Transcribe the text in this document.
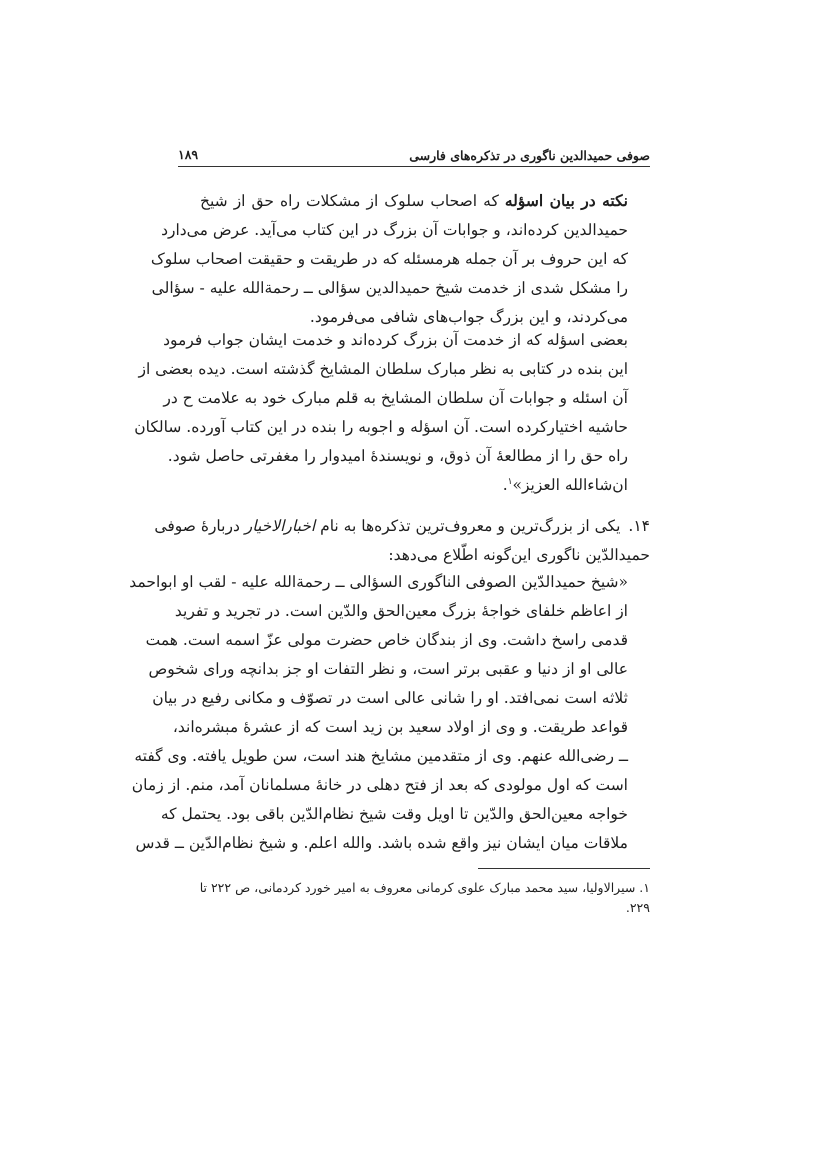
صوفی حمیدالدین ناگوری در تذکره‌های فارسی
۱۸۹
نکته در بیان اسؤله که اصحاب سلوک از مشکلات راه حق از شیخ
حمیدالدین کرده‌اند، و جوابات آن بزرگ در این کتاب می‌آید. عرض می‌دارد
که این حروف بر آن جمله هرمسئله که در طریقت و حقیقت اصحاب سلوک
را مشکل شدی از خدمت شیخ حمیدالدین سؤالی ــ رحمةالله علیه - سؤالی
می‌کردند، و این بزرگ جواب‌های شافی می‌فرمود.
بعضی اسؤله که از خدمت آن بزرگ کرده‌اند و خدمت ایشان جواب فرمود
این بنده در کتابی به نظر مبارک سلطان المشایخ گذشته است. دیده بعضی از
آن اسئله و جوابات آن سلطان المشایخ به قلم مبارک خود به علامت ح در
حاشیه اختیارکرده است. آن اسؤله و اجوبه را بنده در این کتاب آورده. سالکان
راه حق را از مطالعهٔ آن ذوق، و نویسندهٔ امیدوار را مغفرتی حاصل شود.
ان‌شاءالله العزیز»$^۱$.
۱۴.یکی از بزرگ‌ترین و معروف‌ترین تذکره‌ها به نام اخبارالاخیار دربارهٔ صوفی
حمیدالدّین ناگوری این‌گونه اطّلاع می‌دهد:
«شیخ حمیدالدّین الصوفی الناگوری السؤالی ــ رحمةالله علیه - لقب او ابواحمد
از اعاظم خلفای خواجهٔ بزرگ معین‌الحق والدّین است. در تجرید و تفرید
قدمی راسخ داشت. وی از بندگان خاص حضرت مولی عزّ اسمه است. همت
عالی او از دنیا و عقبی برتر است، و نظر التفات او جز بدانچه ورای شخوص
ثلاثه است نمی‌افتد. او را شانی عالی است در تصوّف و مکانی رفیع در بیان
قواعد طریقت. و وی از اولاد سعید بن زید است که از عشرهٔ مبشره‌اند،
ــ رضی‌الله عنهم. وی از متقدمین مشایخ هند است، سن طویل یافته. وی گفته
است که اول مولودی که بعد از فتح دهلی در خانهٔ مسلمانان آمد، منم. از زمان
خواجه معین‌الحق والدّین تا اویل وقت شیخ نظام‌الدّین باقی بود. یحتمل که
ملاقات میان ایشان نیز واقع شده باشد. والله اعلم. و شیخ نظام‌الدّین ــ قدس
۱. سیرالاولیا، سید محمد مبارک علوی کرمانی معروف به امیر خورد کردمانی، ص ۲۲۲ تا ۲۲۹.
